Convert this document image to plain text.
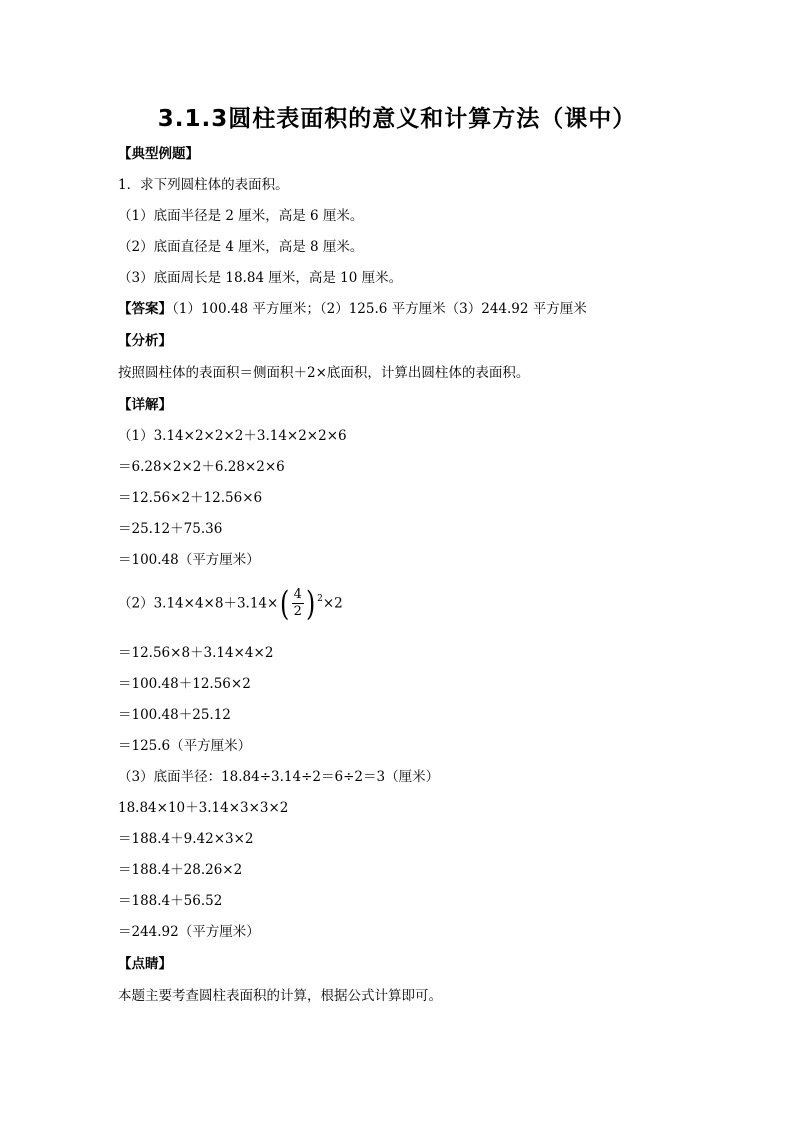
3.1.3圆柱表面积的意义和计算方法（课中）
【典型例题】
1．求下列圆柱体的表面积。
（1）底面半径是 2 厘米，高是 6 厘米。
（2）底面直径是 4 厘米，高是 8 厘米。
（3）底面周长是 18.84 厘米，高是 10 厘米。
【答案】（1）100.48 平方厘米；（2）125.6 平方厘米（3）244.92 平方厘米
【分析】
按照圆柱体的表面积＝侧面积＋2×底面积，计算出圆柱体的表面积。
【详解】
（1）3.14×2×2×2＋3.14×2×2×6
＝6.28×2×2＋6.28×2×6
＝12.56×2＋12.56×6
＝25.12＋75.36
＝100.48（平方厘米）
$(2)3.14\times 4\times 8+3.14\times( \frac{4}{2}$ ) $^2$×2
＝12.56×8＋3.14×4×2
＝100.48＋12.56×2
＝100.48＋25.12
＝125.6（平方厘米）
（3）底面半径：18.84÷3.14÷2＝6÷2＝3（厘米）
18.84×10＋3.14×3×3×2
＝188.4＋9.42×3×2
＝188.4＋28.26×2
＝188.4＋56.52
＝244.92（平方厘米）
【点睛】
本题主要考查圆柱表面积的计算，根据公式计算即可。
